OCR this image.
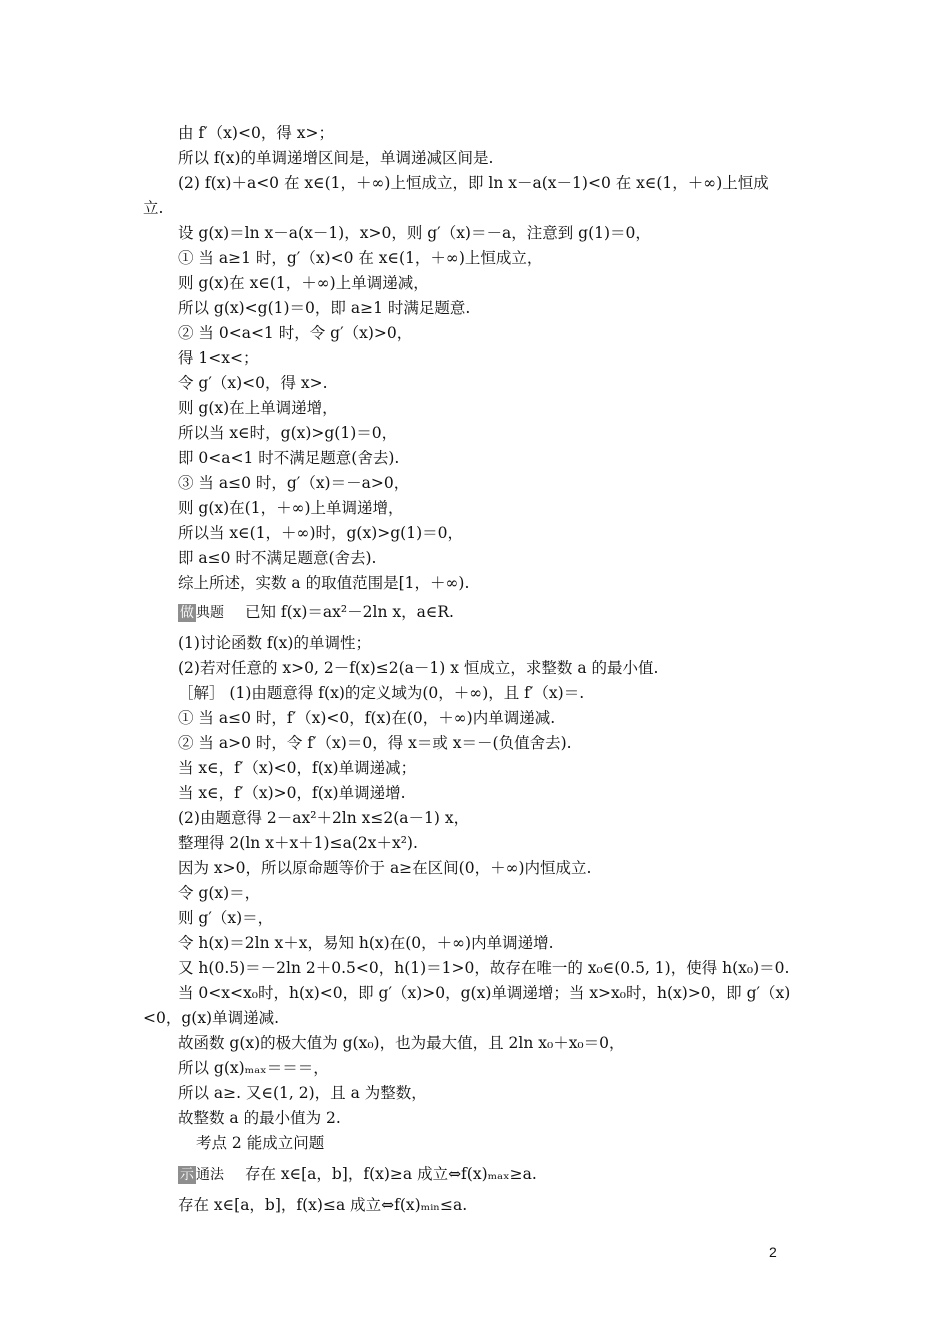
由 f′（x)<0，得 x>；
所以 f(x)的单调递增区间是，单调递减区间是.
(2) f(x)＋a<0 在 x∈(1，＋∞)上恒成立，即 ln x－a(x－1)<0 在 x∈(1，＋∞)上恒成
立.
设 g(x)＝ln x－a(x－1)，x>0，则 g′（x)＝－a，注意到 g(1)＝0，
① 当 a≥1 时，g′（x)<0 在 x∈(1，＋∞)上恒成立，
则 g(x)在 x∈(1，＋∞)上单调递减，
所以 g(x)<g(1)＝0，即 a≥1 时满足题意.
② 当 0<a<1 时，令 g′（x)>0，
得 1<x<；
令 g′（x)<0，得 x>.
则 g(x)在上单调递增，
所以当 x∈时，g(x)>g(1)＝0，
即 0<a<1 时不满足题意(舍去).
③ 当 a≤0 时，g′（x)＝－a>0，
则 g(x)在(1，＋∞)上单调递增，
所以当 x∈(1，＋∞)时，g(x)>g(1)＝0，
即 a≤0 时不满足题意(舍去).
综上所述，实数 a 的取值范围是[1，＋∞).
做 典题 已知 f(x)＝ax²－2ln x，a∈R.
(1)讨论函数 f(x)的单调性；
(2)若对任意的 x>0, 2－f(x)≤2(a－1) x 恒成立，求整数 a 的最小值.
［解］ (1)由题意得 f(x)的定义域为(0，＋∞)，且 f′（x)＝.
① 当 a≤0 时，f′（x)<0，f(x)在(0，＋∞)内单调递减.
② 当 a>0 时，令 f′（x)＝0，得 x＝或 x＝－(负值舍去).
当 x∈，f′（x)<0，f(x)单调递减；
当 x∈，f′（x)>0，f(x)单调递增.
(2)由题意得 2－ax²＋2ln x≤2(a－1) x，
整理得 2(ln x＋x＋1)≤a(2x＋x²).
因为 x>0，所以原命题等价于 a≥在区间(0，＋∞)内恒成立.
令 g(x)＝，
则 g′（x)＝，
令 h(x)＝2ln x＋x，易知 h(x)在(0，＋∞)内单调递增.
又 h(0.5)＝－2ln 2＋0.5<0，h(1)＝1>0，故存在唯一的 x₀∈(0.5, 1)，使得 h(x₀)＝0.
当 0<x<x₀时，h(x)<0，即 g′（x)>0，g(x)单调递增；当 x>x₀时，h(x)>0，即 g′（x)
<0，g(x)单调递减.
故函数 g(x)的极大值为 g(x₀)，也为最大值，且 2ln x₀＋x₀＝0，
所以 g(x)ₘₐₓ＝＝＝，
所以 a≥. 又∈(1, 2)，且 a 为整数，
故整数 a 的最小值为 2.
考点 2 能成立问题
示 通法 存在 x∈[a，b]，f(x)≥a 成立⇔f(x)ₘₐₓ≥a.
存在 x∈[a，b]，f(x)≤a 成立⇔f(x)ₘᵢₙ≤a.
2
